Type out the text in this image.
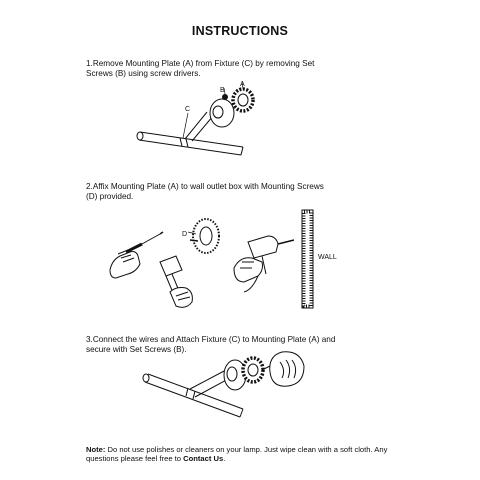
INSTRUCTIONS
1.Remove Mounting Plate (A) from Fixture (C) by removing Set Screws (B) using screw drivers.
2.Affix Mounting Plate (A) to wall outlet box with Mounting Screws (D) provided.
3.Connect the wires and Attach Fixture (C) to Mounting Plate (A) and secure with Set Screws (B).
A
B
C
D
WALL
Note: Do not use polishes or cleaners on your lamp. Just wipe clean with a soft cloth. Any questions please feel free to Contact Us.
